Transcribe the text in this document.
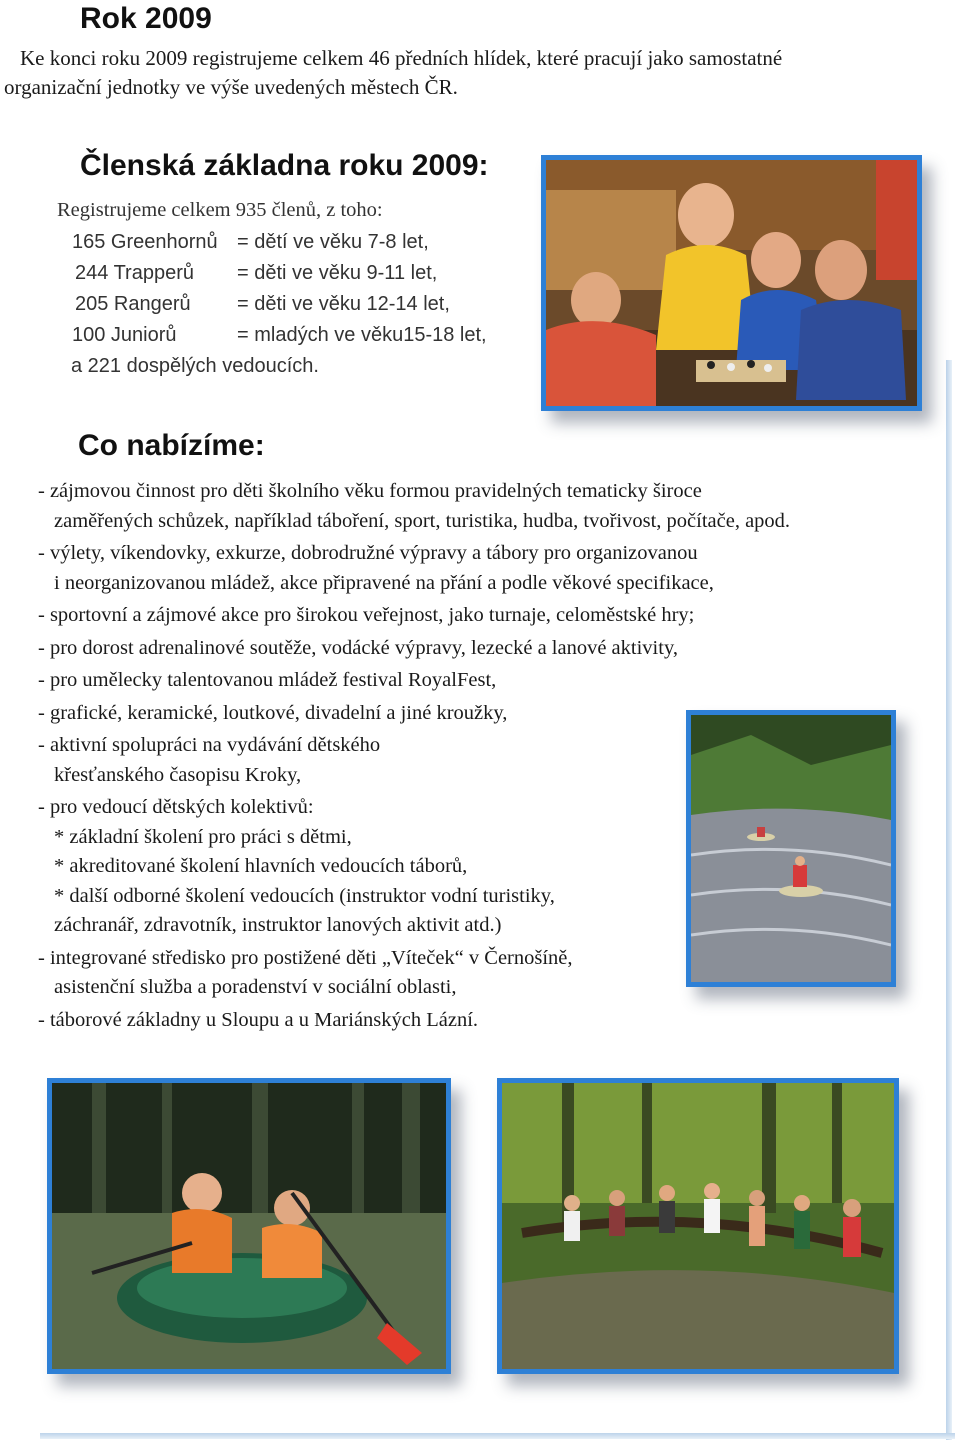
Rok 2009
Ke konci roku 2009 registrujeme celkem 46 předních hlídek, které pracují jako samostatné
organizační jednotky ve výše uvedených městech ČR.
Členská základna roku 2009:
Registrujeme celkem 935 členů, z toho:
165 Greenhornů = dětí ve věku 7-8 let,
244 Trapperů = děti ve věku 9-11 let,
205 Rangerů = děti ve věku 12-14 let,
100 Juniorů	= mladých ve věku15-18 let,
a 221 dospělých vedoucích.
Co nabízíme:
- zájmovou činnost pro děti školního věku formou pravidelných tematicky široce
zaměřených schůzek, například táboření, sport, turistika, hudba, tvořivost, počítače, apod.
- výlety, víkendovky, exkurze, dobrodružné výpravy a tábory pro organizovanou
i neorganizovanou mládež, akce připravené na přání a podle věkové specifikace,
- sportovní a zájmové akce pro širokou veřejnost, jako turnaje, celoměstské hry;
- pro dorost adrenalinové soutěže, vodácké výpravy, lezecké a lanové aktivity,
- pro umělecky talentovanou mládež festival RoyalFest,
- grafické, keramické, loutkové, divadelní a jiné kroužky,
- aktivní spolupráci na vydávání dětského
křesťanského časopisu Kroky,
- pro vedoucí dětských kolektivů:
* základní školení pro práci s dětmi,
* akreditované školení hlavních vedoucích táborů,
* další odborné školení vedoucích (instruktor vodní turistiky,
záchranář, zdravotník, instruktor lanových aktivit atd.)
- integrované středisko pro postižené děti „Víteček“ v Černošíně,
asistenční služba a poradenství v sociální oblasti,
- táborové základny u Sloupu a u Mariánských Lázní.
